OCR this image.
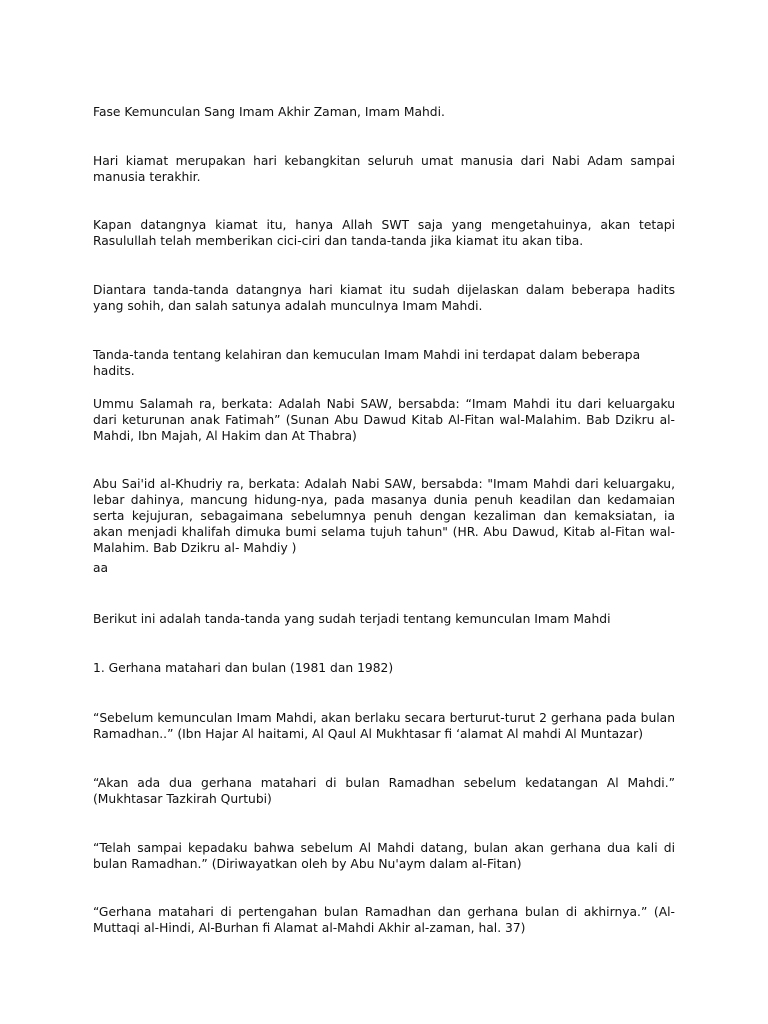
Fase Kemunculan Sang Imam Akhir Zaman, Imam Mahdi.

Hari kiamat merupakan hari kebangkitan seluruh umat manusia dari Nabi Adam sampai manusia terakhir.

Kapan datangnya kiamat itu, hanya Allah SWT saja yang mengetahuinya, akan tetapi Rasulullah telah memberikan cici-ciri dan tanda-tanda jika kiamat itu akan tiba.

Diantara tanda-tanda datangnya hari kiamat itu sudah dijelaskan dalam beberapa hadits yang sohih, dan salah satunya adalah munculnya Imam Mahdi.

Tanda-tanda tentang kelahiran dan kemuculan Imam Mahdi ini terdapat dalam beberapa hadits.

Ummu Salamah ra, berkata: Adalah Nabi SAW, bersabda: “Imam Mahdi itu dari keluargaku dari keturunan anak Fatimah” (Sunan Abu Dawud Kitab Al-Fitan wal-Malahim. Bab Dzikru al-Mahdi, Ibn Majah, Al Hakim dan At Thabra)

Abu Sai'id al-Khudriy ra, berkata: Adalah Nabi SAW, bersabda: "Imam Mahdi dari keluargaku, lebar dahinya, mancung hidung-nya, pada masanya dunia penuh keadilan dan kedamaian serta kejujuran, sebagaimana sebelumnya penuh dengan kezaliman dan kemaksiatan, ia akan menjadi khalifah dimuka bumi selama tujuh tahun" (HR. Abu Dawud, Kitab al-Fitan wal-Malahim. Bab Dzikru al- Mahdiy )

aa

Berikut ini adalah tanda-tanda yang sudah terjadi tentang kemunculan Imam Mahdi

1. Gerhana matahari dan bulan (1981 dan 1982)

“Sebelum kemunculan Imam Mahdi, akan berlaku secara berturut-turut 2 gerhana pada bulan Ramadhan..” (Ibn Hajar Al haitami, Al Qaul Al Mukhtasar fi ‘alamat Al mahdi Al Muntazar)

“Akan ada dua gerhana matahari di bulan Ramadhan sebelum kedatangan Al Mahdi.” (Mukhtasar Tazkirah Qurtubi)

“Telah sampai kepadaku bahwa sebelum Al Mahdi datang, bulan akan gerhana dua kali di bulan Ramadhan.” (Diriwayatkan oleh by Abu Nu'aym dalam al-Fitan)

“Gerhana matahari di pertengahan bulan Ramadhan dan gerhana bulan di akhirnya.” (Al-Muttaqi al-Hindi, Al-Burhan fi Alamat al-Mahdi Akhir al-zaman, hal. 37)
